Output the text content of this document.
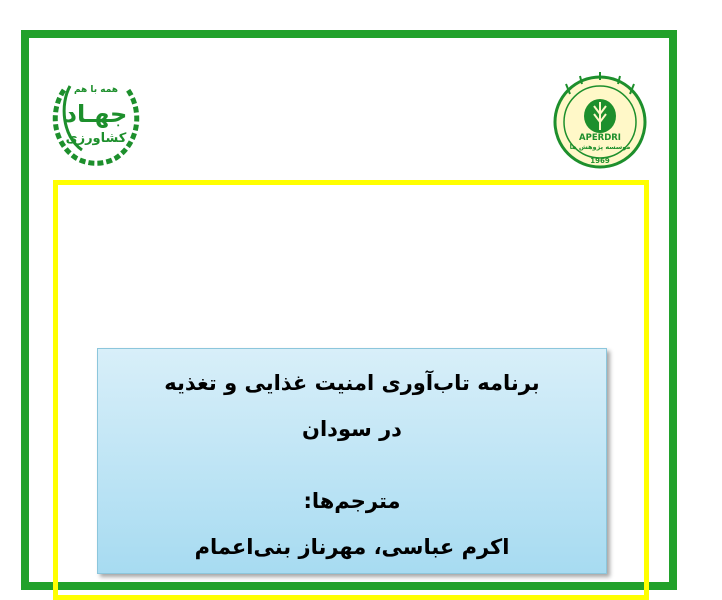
همه با هم
جهـاد
كشاورزى	APERDRI
موسسه پژوهش ها
1969
برنامه تاب‌آوری امنیت غذایی و تغذیه
در سودان
مترجم‌ها:
اکرم عباسی، مهرناز بنی‌اعمام
